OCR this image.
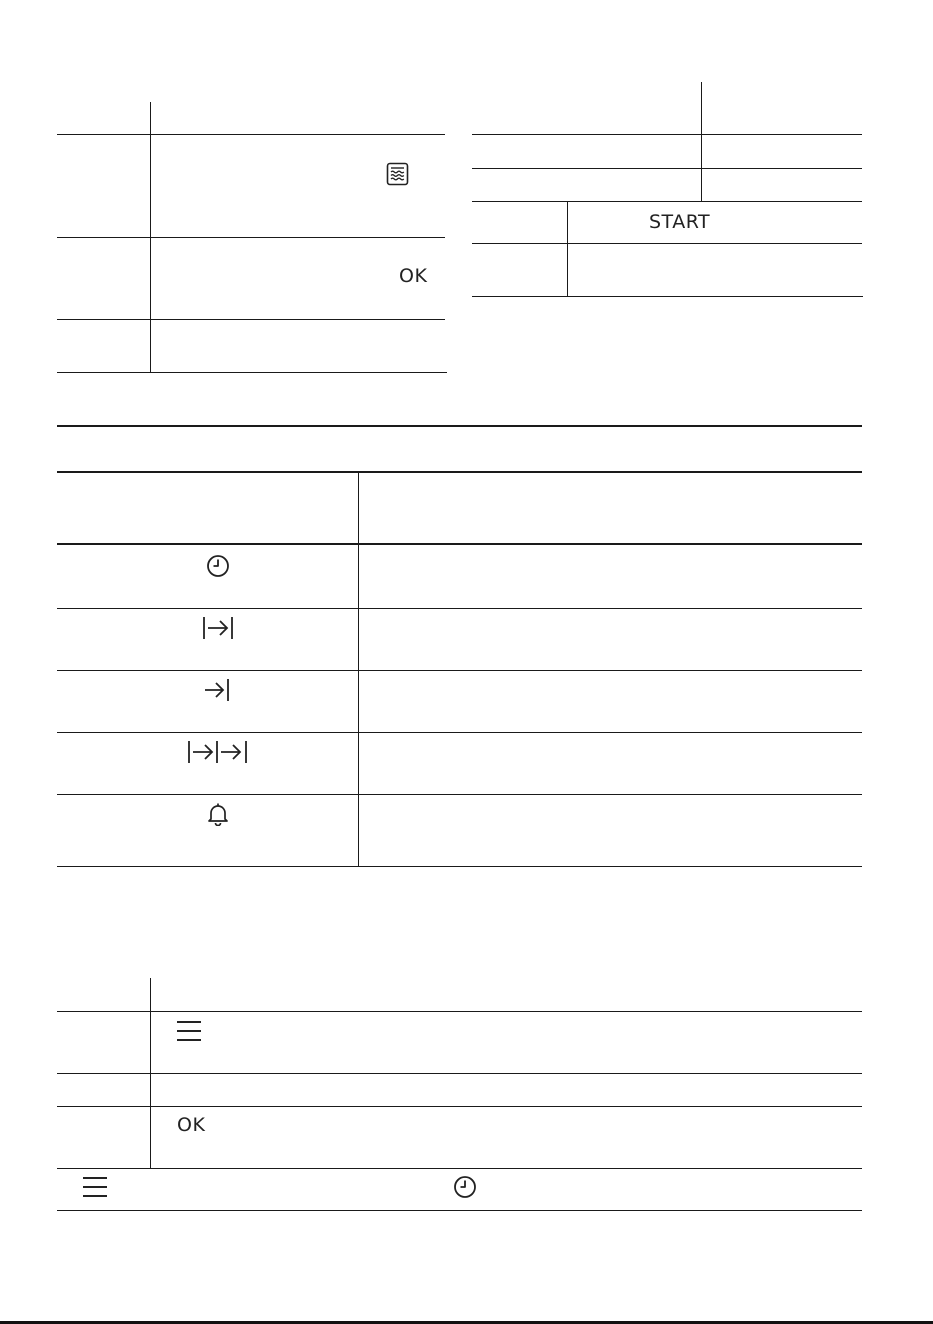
OK
START
OK
